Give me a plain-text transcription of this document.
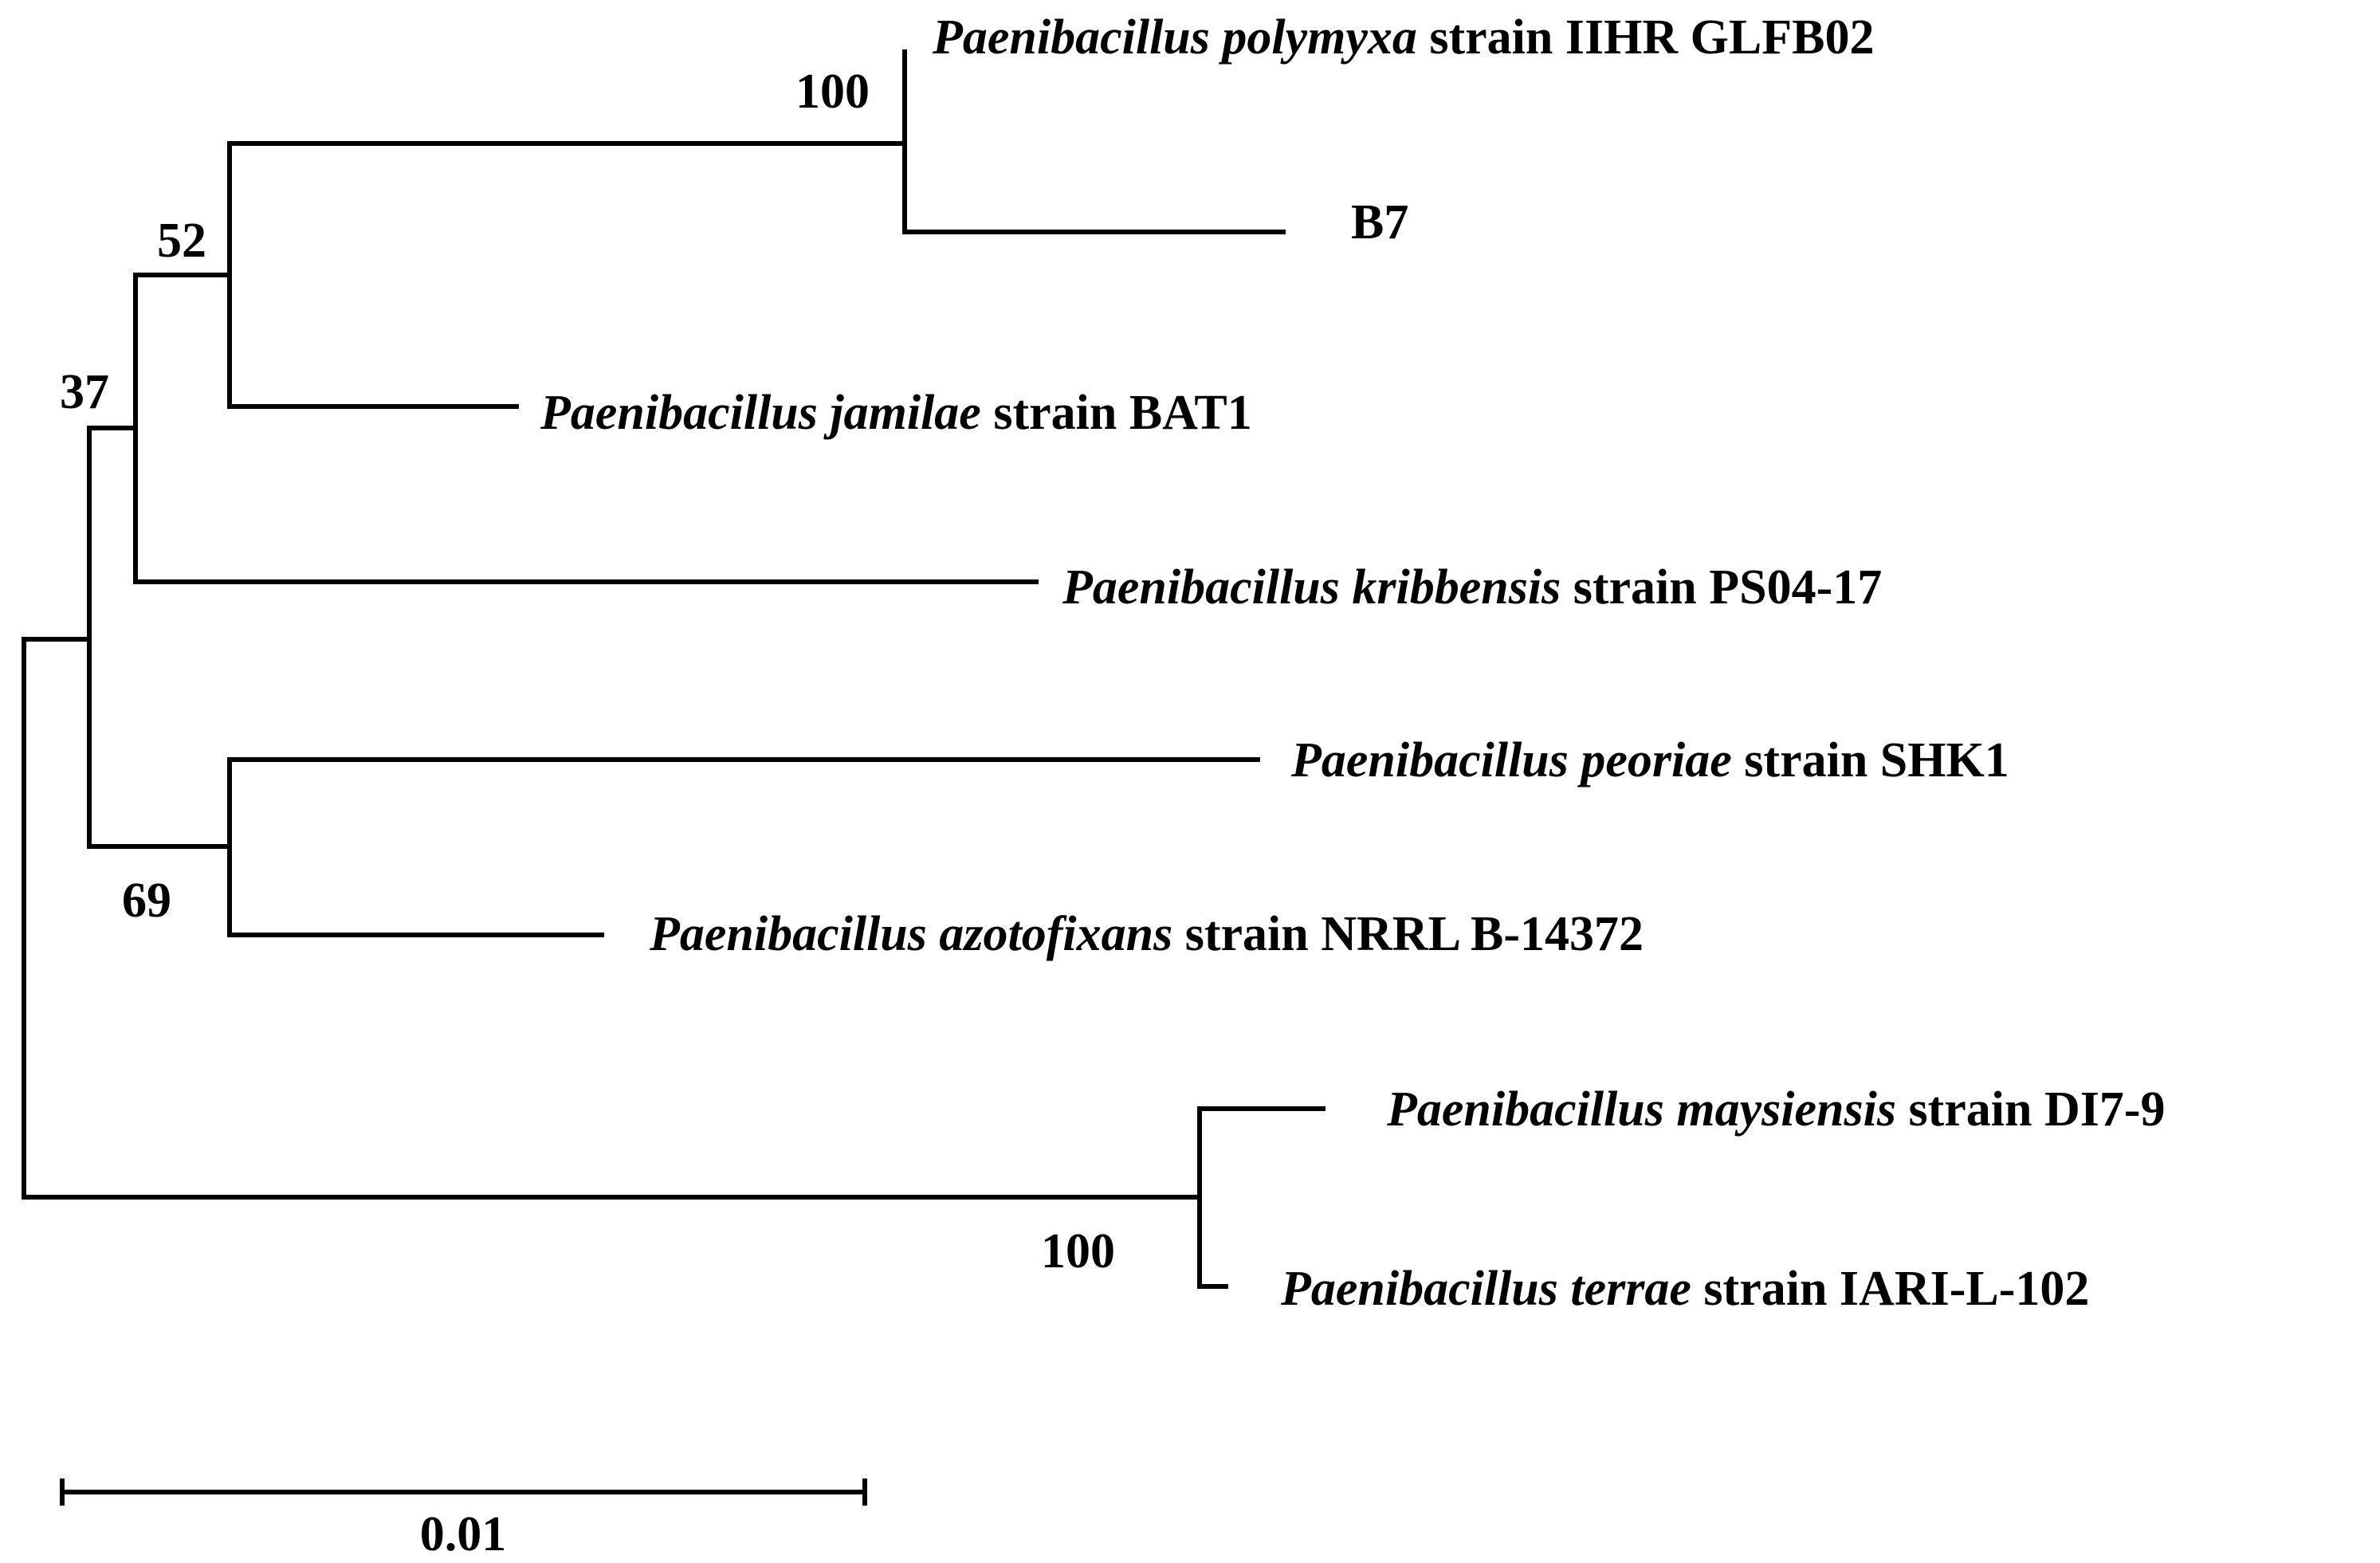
100
52
37
69
100
Paenibacillus polymyxa strain IIHR GLFB02
B7
Paenibacillus jamilae strain BAT1
Paenibacillus kribbensis strain PS04-17
Paenibacillus peoriae strain SHK1
Paenibacillus azotofixans strain NRRL B-14372
Paenibacillus maysiensis strain DI7-9
Paenibacillus terrae strain IARI-L-102
0.01
